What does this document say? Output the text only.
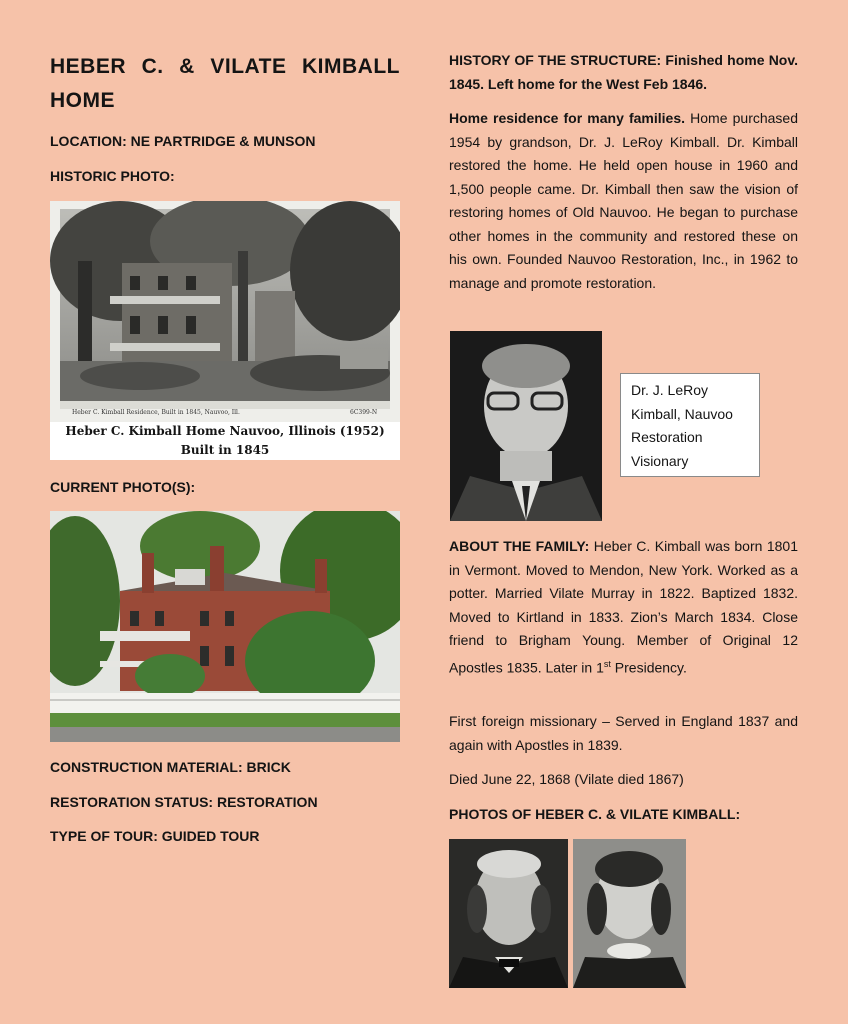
HEBER C. & VILATE KIMBALL HOME
LOCATION: NE PARTRIDGE & MUNSON
HISTORIC PHOTO:
Heber C. Kimball Residence, Built in 1845, Nauvoo, Ill.	6C399-N
Heber C. Kimball Home Nauvoo, Illinois (1952)
Built in 1845
CURRENT PHOTO(S):
CONSTRUCTION MATERIAL: BRICK
RESTORATION STATUS: RESTORATION
TYPE OF TOUR: GUIDED TOUR
HISTORY OF THE STRUCTURE: Finished home Nov. 1845. Left home for the West Feb 1846.
Home residence for many families. Home purchased 1954 by grandson, Dr. J. LeRoy Kimball. Dr. Kimball restored the home. He held open house in 1960 and 1,500 people came. Dr. Kimball then saw the vision of restoring homes of Old Nauvoo. He began to purchase other homes in the community and restored these on his own. Founded Nauvoo Restoration, Inc., in 1962 to manage and promote restoration.
Dr. J. LeRoy Kimball, Nauvoo Restoration Visionary
ABOUT THE FAMILY: Heber C. Kimball was born 1801 in Vermont. Moved to Mendon, New York. Worked as a potter. Married Vilate Murray in 1822. Baptized 1832. Moved to Kirtland in 1833. Zion’s March 1834. Close friend to Brigham Young. Member of Original 12 Apostles 1835. Later in 1st Presidency.
First foreign missionary – Served in England 1837 and again with Apostles in 1839.
Died June 22, 1868 (Vilate died 1867)
PHOTOS OF HEBER C. & VILATE KIMBALL:
